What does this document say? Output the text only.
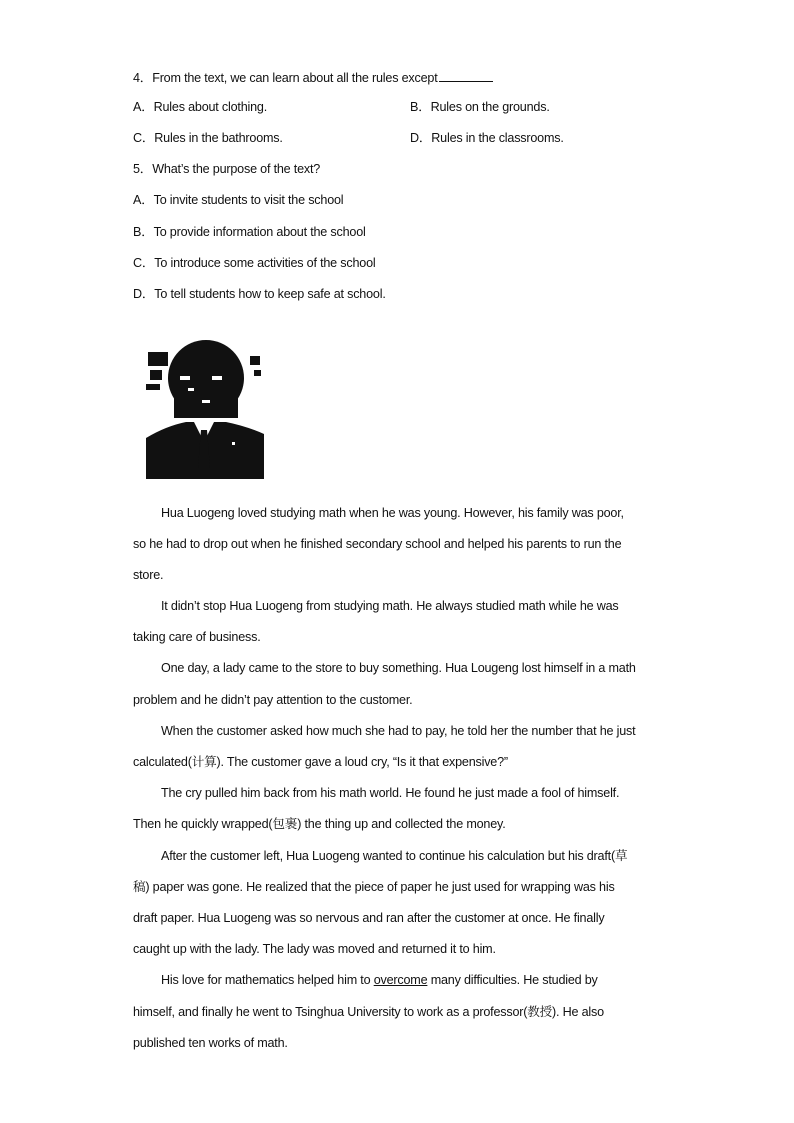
4．From the text, we can learn about all the rules except
A．Rules about clothing.	B．Rules on the grounds.
C．Rules in the bathrooms.	D．Rules in the classrooms.
5．What’s the purpose of the text?
A．To invite students to visit the school
B．To provide information about the school
C．To introduce some activities of the school
D．To tell students how to keep safe at school.
Hua Luogeng loved studying math when he was young. However, his family was poor,
so he had to drop out when he finished secondary school and helped his parents to run the
store.
It didn’t stop Hua Luogeng from studying math. He always studied math while he was
taking care of business.
One day, a lady came to the store to buy something. Hua Lougeng lost himself in a math
problem and he didn’t pay attention to the customer.
When the customer asked how much she had to pay, he told her the number that he just
calculated(计算). The customer gave a loud cry, “Is it that expensive?”
The cry pulled him back from his math world. He found he just made a fool of himself.
Then he quickly wrapped(包裹) the thing up and collected the money.
After the customer left, Hua Luogeng wanted to continue his calculation but his draft(草
稿) paper was gone. He realized that the piece of paper he just used for wrapping was his
draft paper. Hua Luogeng was so nervous and ran after the customer at once. He finally
caught up with the lady. The lady was moved and returned it to him.
His love for mathematics helped him to overcome many difficulties. He studied by
himself, and finally he went to Tsinghua University to work as a professor(教授). He also
published ten works of math.
